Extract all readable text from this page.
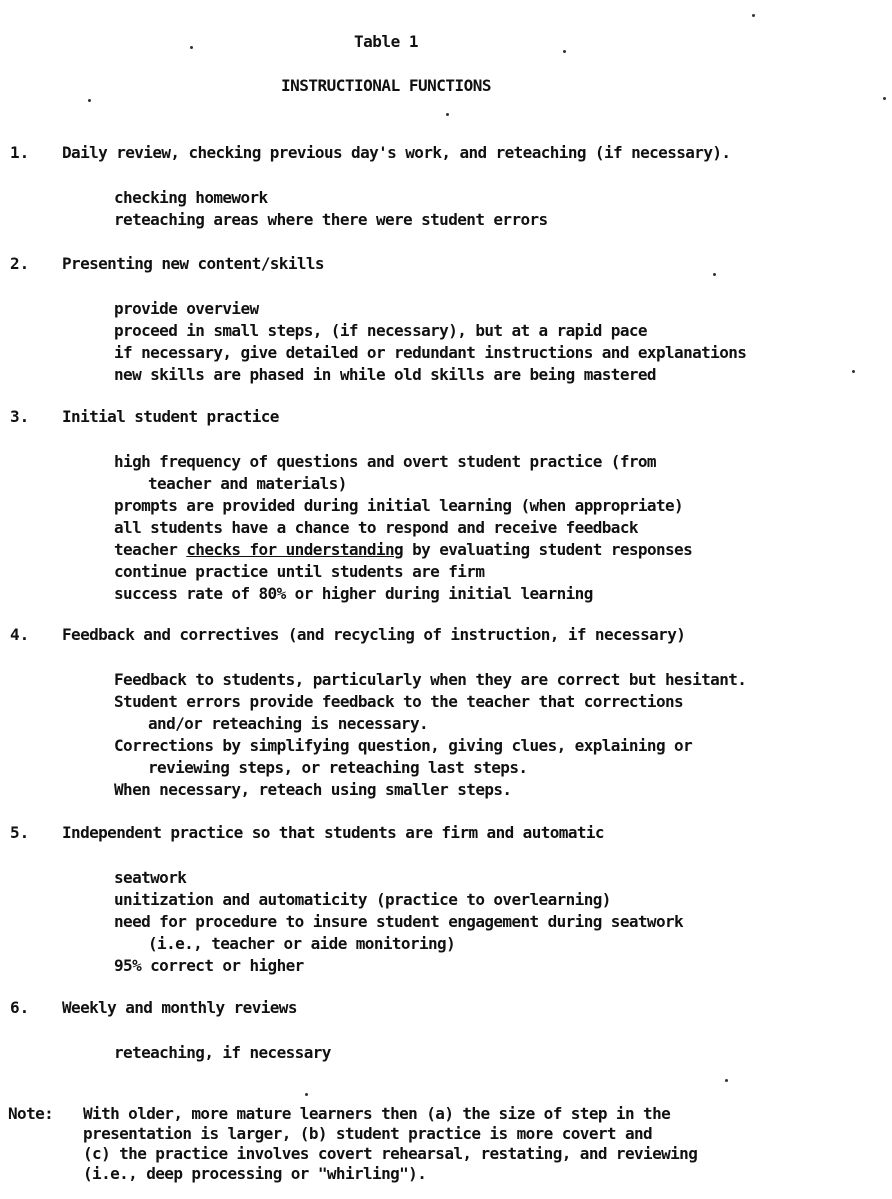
Table 1
INSTRUCTIONAL FUNCTIONS
1. Daily review, checking previous day's work, and reteaching (if necessary).
checking homework
reteaching areas where there were student errors
2. Presenting new content/skills
provide overview
proceed in small steps, (if necessary), but at a rapid pace
if necessary, give detailed or redundant instructions and explanations
new skills are phased in while old skills are being mastered
3. Initial student practice
high frequency of questions and overt student practice (from
teacher and materials)
prompts are provided during initial learning (when appropriate)
all students have a chance to respond and receive feedback
teacher checks for understanding by evaluating student responses
continue practice until students are firm
success rate of 80% or higher during initial learning
4. Feedback and correctives (and recycling of instruction, if necessary)
Feedback to students, particularly when they are correct but hesitant.
Student errors provide feedback to the teacher that corrections
and/or reteaching is necessary.
Corrections by simplifying question, giving clues, explaining or
reviewing steps, or reteaching last steps.
When necessary, reteach using smaller steps.
5. Independent practice so that students are firm and automatic
seatwork
unitization and automaticity (practice to overlearning)
need for procedure to insure student engagement during seatwork
(i.e., teacher or aide monitoring)
95% correct or higher
6. Weekly and monthly reviews
reteaching, if necessary
Note: With older, more mature learners then (a) the size of step in the
presentation is larger, (b) student practice is more covert and
(c) the practice involves covert rehearsal, restating, and reviewing
(i.e., deep processing or "whirling").
